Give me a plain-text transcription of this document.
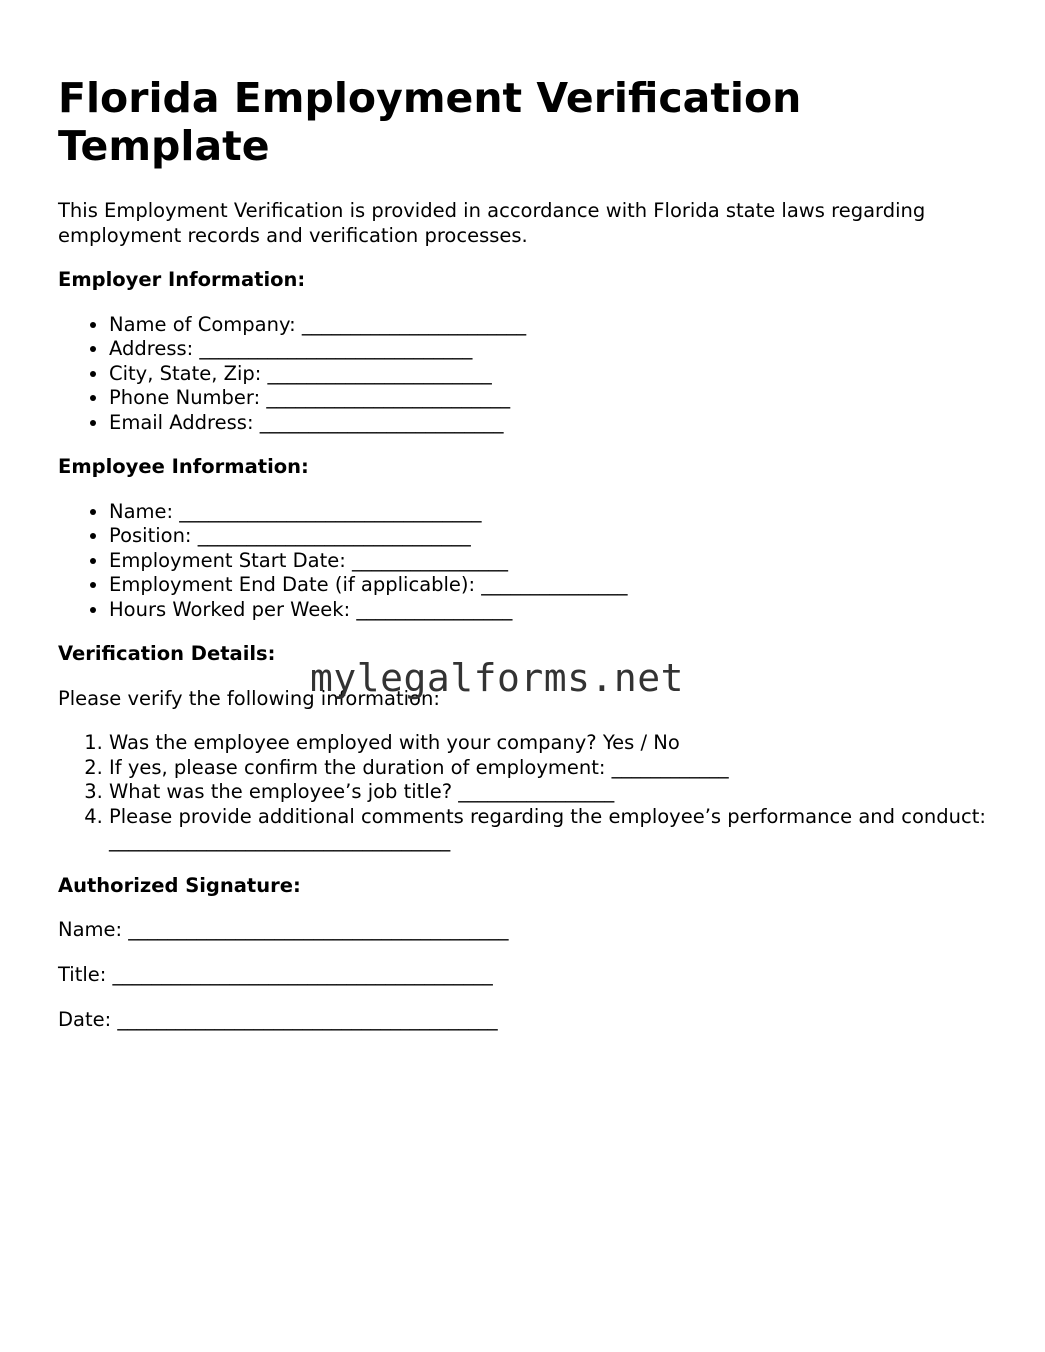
Florida Employment Verification Template

This Employment Verification is provided in accordance with Florida state laws regarding employment records and verification processes.

Employer Information:
• Name of Company: _______________________
• Address: ____________________________
• City, State, Zip: _______________________
• Phone Number: _________________________
• Email Address: _________________________
Employee Information:
• Name: _______________________________
• Position: ____________________________
• Employment Start Date: ________________
• Employment End Date (if applicable): _______________
• Hours Worked per Week: ________________
Verification Details:

Please verify the following information:

1. Was the employee employed with your company? Yes / No
2. If yes, please confirm the duration of employment: ____________
3. What was the employee’s job title? ________________
4. Please provide additional comments regarding the employee’s performance and conduct: ___________________________________
Authorized Signature:

Name: _______________________________________

Title: _______________________________________

Date: _______________________________________

mylegalforms.net
